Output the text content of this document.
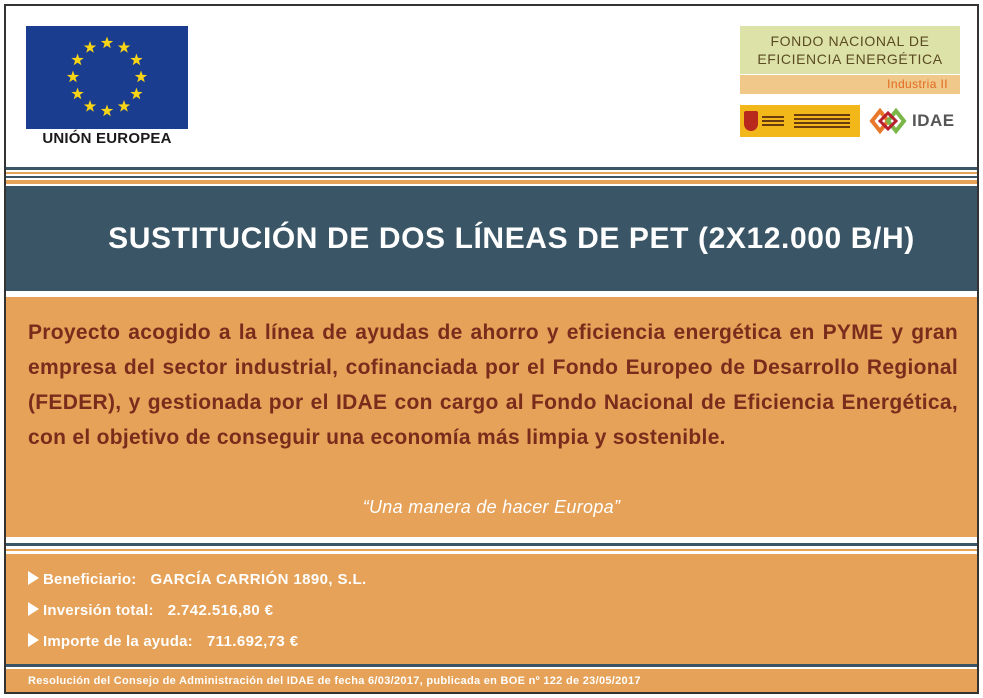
UNIÓN EUROPEA
FONDO NACIONAL DE
EFICIENCIA ENERGÉTICA
Industria II
IDAE
SUSTITUCIÓN DE DOS LÍNEAS DE PET (2X12.000 B/H)

Proyecto acogido a la línea de ayudas de ahorro y eficiencia energética en PYME y gran empresa del sector industrial, cofinanciada por el Fondo Europeo de Desarrollo Regional (FEDER), y gestionada por el IDAE con cargo al Fondo Nacional de Eficiencia Energética, con el objetivo de conseguir una economía más limpia y sostenible.

“Una manera de hacer Europa”
Beneficiario: GARCÍA CARRIÓN 1890, S.L.
Inversión total: 2.742.516,80 €
Importe de la ayuda: 711.692,73 €
Resolución del Consejo de Administración del IDAE de fecha 6/03/2017, publicada en BOE nº 122 de 23/05/2017
